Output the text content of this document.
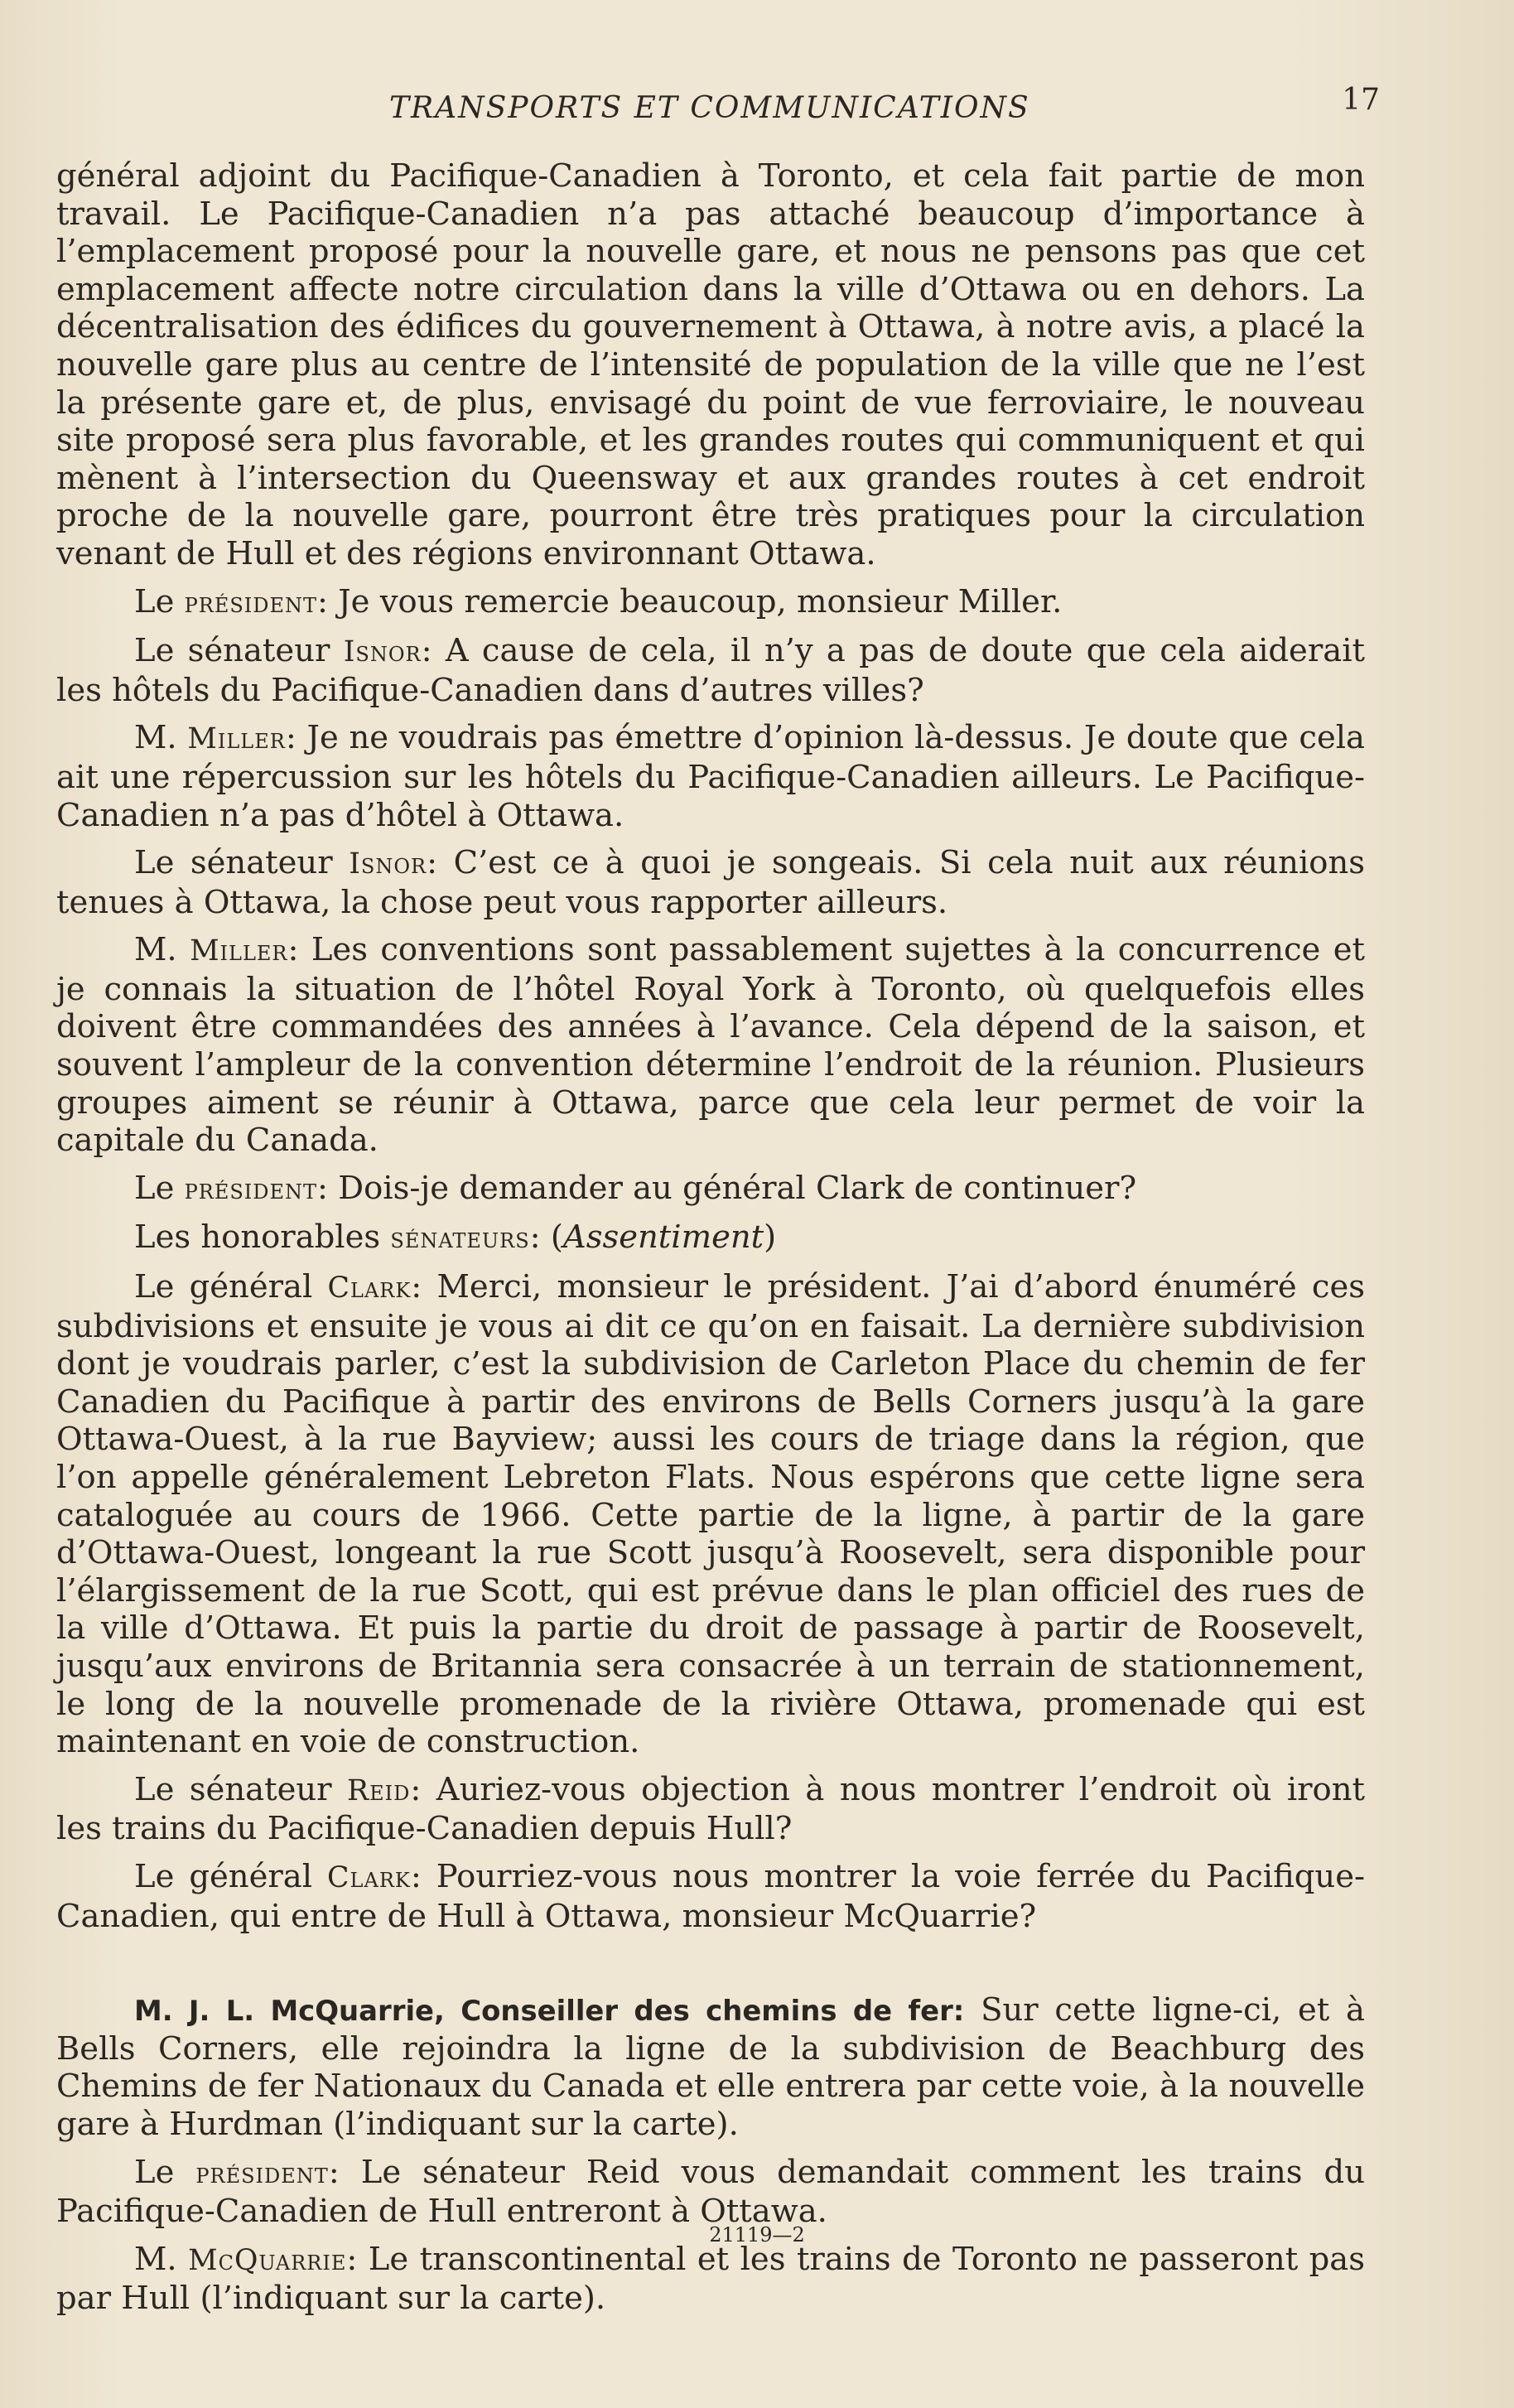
TRANSPORTS ET COMMUNICATIONS	17

général adjoint du Pacifique-Canadien à Toronto, et cela fait partie de mon travail. Le Pacifique-Canadien n’a pas attaché beaucoup d’importance à l’emplacement proposé pour la nouvelle gare, et nous ne pensons pas que cet emplacement affecte notre circulation dans la ville d’Ottawa ou en dehors. La décentralisation des édifices du gouvernement à Ottawa, à notre avis, a placé la nouvelle gare plus au centre de l’intensité de population de la ville que ne l’est la présente gare et, de plus, envisagé du point de vue ferroviaire, le nouveau site proposé sera plus favorable, et les grandes routes qui communiquent et qui mènent à l’intersection du Queensway et aux grandes routes à cet endroit proche de la nouvelle gare, pourront être très pratiques pour la circulation venant de Hull et des régions environnant Ottawa.

Le président: Je vous remercie beaucoup, monsieur Miller.

Le sénateur Isnor: A cause de cela, il n’y a pas de doute que cela aiderait les hôtels du Pacifique-Canadien dans d’autres villes?

M. Miller: Je ne voudrais pas émettre d’opinion là-dessus. Je doute que cela ait une répercussion sur les hôtels du Pacifique-Canadien ailleurs. Le Pacifique-Canadien n’a pas d’hôtel à Ottawa.

Le sénateur Isnor: C’est ce à quoi je songeais. Si cela nuit aux réunions tenues à Ottawa, la chose peut vous rapporter ailleurs.

M. Miller: Les conventions sont passablement sujettes à la concurrence et je connais la situation de l’hôtel Royal York à Toronto, où quelquefois elles doivent être commandées des années à l’avance. Cela dépend de la saison, et souvent l’ampleur de la convention détermine l’endroit de la réunion. Plusieurs groupes aiment se réunir à Ottawa, parce que cela leur permet de voir la capitale du Canada.

Le président: Dois-je demander au général Clark de continuer?

Les honorables sénateurs: (Assentiment)

Le général Clark: Merci, monsieur le président. J’ai d’abord énuméré ces subdivisions et ensuite je vous ai dit ce qu’on en faisait. La dernière subdivision dont je voudrais parler, c’est la subdivision de Carleton Place du chemin de fer Canadien du Pacifique à partir des environs de Bells Corners jusqu’à la gare Ottawa-Ouest, à la rue Bayview; aussi les cours de triage dans la région, que l’on appelle généralement Lebreton Flats. Nous espérons que cette ligne sera cataloguée au cours de 1966. Cette partie de la ligne, à partir de la gare d’Ottawa-Ouest, longeant la rue Scott jusqu’à Roosevelt, sera disponible pour l’élargissement de la rue Scott, qui est prévue dans le plan officiel des rues de la ville d’Ottawa. Et puis la partie du droit de passage à partir de Roosevelt, jusqu’aux environs de Britannia sera consacrée à un terrain de stationnement, le long de la nouvelle promenade de la rivière Ottawa, promenade qui est maintenant en voie de construction.

Le sénateur Reid: Auriez-vous objection à nous montrer l’endroit où iront les trains du Pacifique-Canadien depuis Hull?

Le général Clark: Pourriez-vous nous montrer la voie ferrée du Pacifique-Canadien, qui entre de Hull à Ottawa, monsieur McQuarrie?

M. J. L. McQuarrie, Conseiller des chemins de fer: Sur cette ligne-ci, et à Bells Corners, elle rejoindra la ligne de la subdivision de Beachburg des Chemins de fer Nationaux du Canada et elle entrera par cette voie, à la nouvelle gare à Hurdman (l’indiquant sur la carte).

Le président: Le sénateur Reid vous demandait comment les trains du Pacifique-Canadien de Hull entreront à Ottawa.

M. McQuarrie: Le transcontinental et les trains de Toronto ne passeront pas par Hull (l’indiquant sur la carte).

21119—2
